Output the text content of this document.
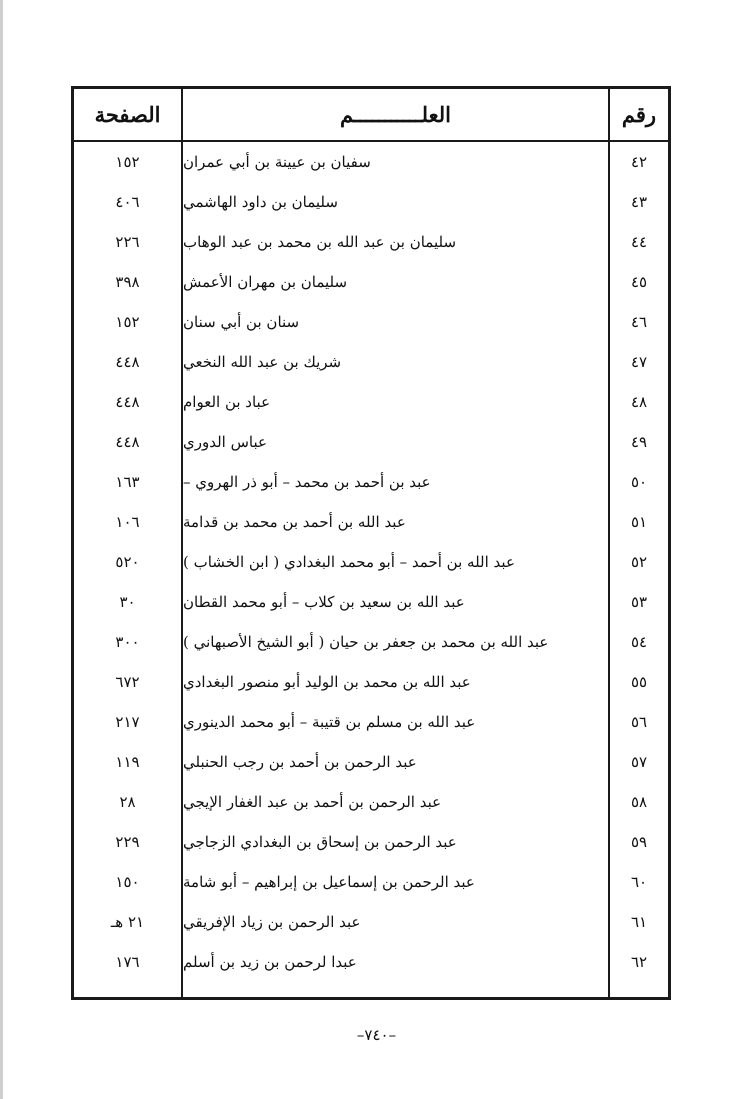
الصفحة	العلـــــــــــم	رقم
٤٢
سفيان بن عيينة بن أبي عمران
١٥٢
٤٣
سليمان بن داود الهاشمي
٤٠٦
٤٤
سليمان بن عبد الله بن محمد بن عبد الوهاب
٢٢٦
٤٥
سليمان بن مهران الأعمش
٣٩٨
٤٦
سنان بن أبي سنان
١٥٢
٤٧
شريك بن عبد الله النخعي
٤٤٨
٤٨
عباد بن العوام
٤٤٨
٤٩
عباس الدوري
٤٤٨
٥٠
عبد بن أحمد بن محمد – أبو ذر الهروي –
١٦٣
٥١
عبد الله بن أحمد بن محمد بن قدامة
١٠٦
٥٢
عبد الله بن أحمد – أبو محمد البغدادي ( ابن الخشاب )
٥٢٠
٥٣
عبد الله بن سعيد بن كلاب – أبو محمد القطان
٣٠
٥٤
عبد الله بن محمد بن جعفر بن حيان ( أبو الشيخ الأصبهاني )
٣٠٠
٥٥
عبد الله بن محمد بن الوليد أبو منصور البغدادي
٦٧٢
٥٦
عبد الله بن مسلم بن قتيبة – أبو محمد الدينوري
٢١٧
٥٧
عبد الرحمن بن أحمد بن رجب الحنبلي
١١٩
٥٨
عبد الرحمن بن أحمد بن عبد الغفار الإيجي
٢٨
٥٩
عبد الرحمن بن إسحاق بن البغدادي الزجاجي
٢٢٩
٦٠
عبد الرحمن بن إسماعيل بن إبراهيم – أبو شامة
١٥٠
٦١
عبد الرحمن بن زياد الإفريقي
٢١ هـ
٦٢
عبدا لرحمن بن زيد بن أسلم
١٧٦
–٧٤٠–
